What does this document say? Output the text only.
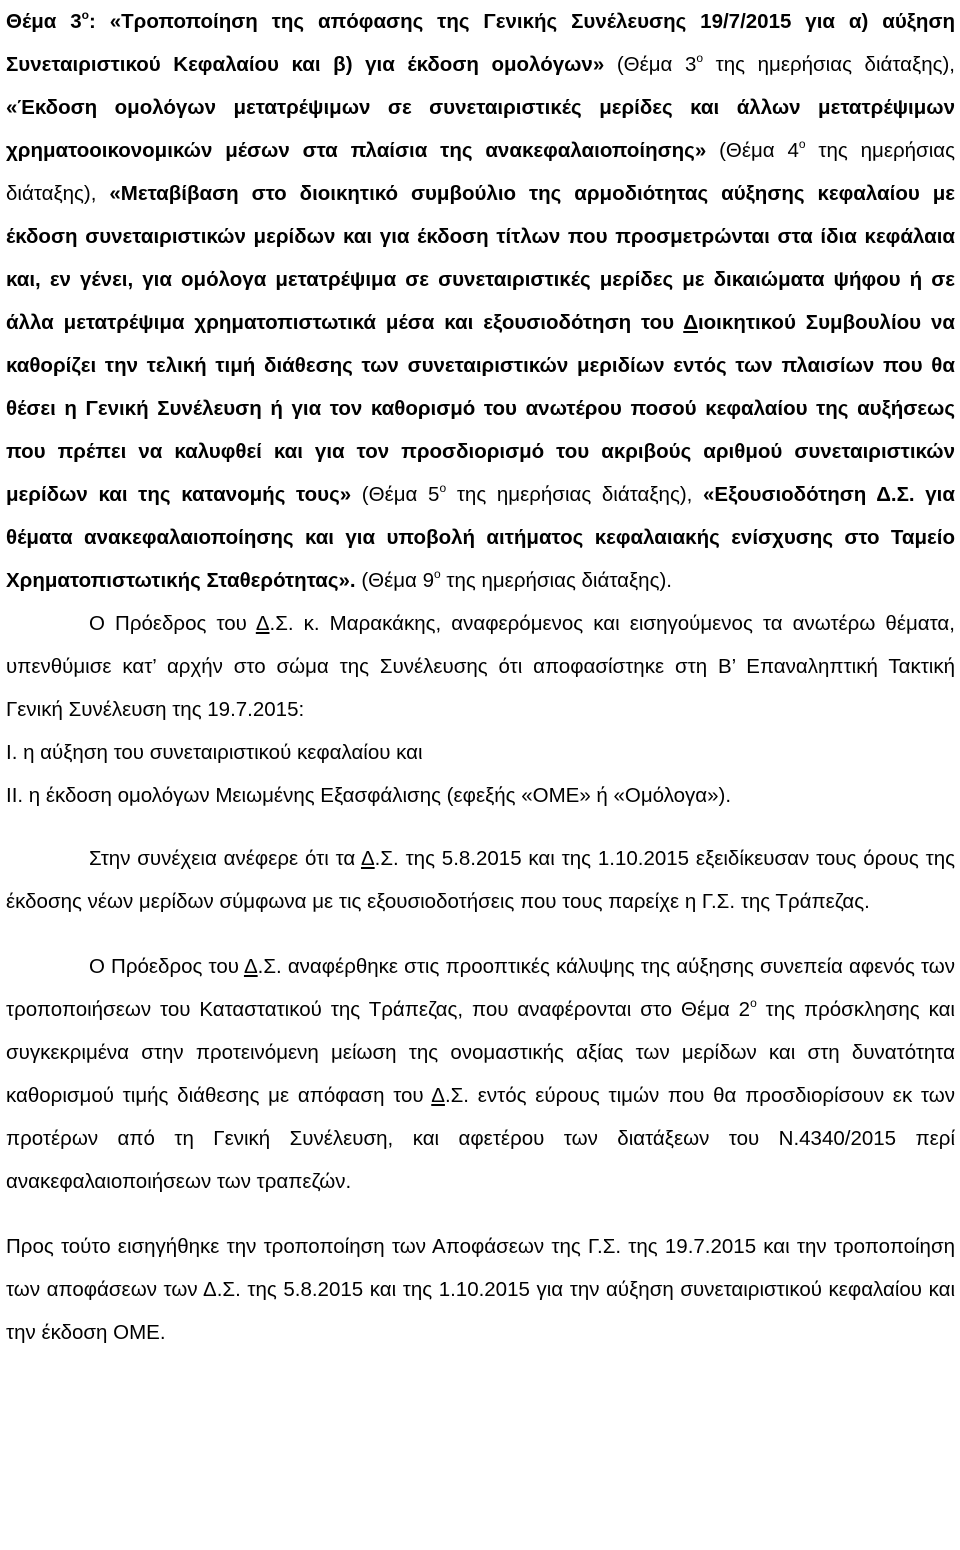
Θέμα $3^o$: «Τροποποίηση της απόφασης της Γενικής Συνέλευσης 19/7/2015 για α) αύξηση Συνεταιριστικού Κεφαλαίου και β) για έκδοση ομολόγων» (Θέμα $3^o$ της ημερήσιας διάταξης), «Έκδοση ομολόγων μετατρέψιμων σε συνεταιριστικές μερίδες και άλλων μετατρέψιμων χρηματοοικονομικών μέσων στα πλαίσια της ανακεφαλαιοποίησης» (Θέμα $4^o$ της ημερήσιας διάταξης), «Μεταβίβαση στο διοικητικό συμβούλιο της αρμοδιότητας αύξησης κεφαλαίου με έκδοση συνεταιριστικών μερίδων και για έκδοση τίτλων που προσμετρώνται στα ίδια κεφάλαια και, εν γένει, για ομόλογα μετατρέψιμα σε συνεταιριστικές μερίδες με δικαιώματα ψήφου ή σε άλλα μετατρέψιμα χρηματοπιστωτικά μέσα και εξουσιοδότηση του Διοικητικού Συμβουλίου να καθορίζει την τελική τιμή διάθεσης των συνεταιριστικών μεριδίων εντός των πλαισίων που θα θέσει η Γενική Συνέλευση ή για τον καθορισμό του ανωτέρου ποσού κεφαλαίου της αυξήσεως που πρέπει να καλυφθεί και για τον προσδιορισμό του ακριβούς αριθμού συνεταιριστικών μερίδων και της κατανομής τους» (Θέμα $5^o$ της ημερήσιας διάταξης), «Εξουσιοδότηση Δ.Σ. για θέματα ανακεφαλαιοποίησης και για υποβολή αιτήματος κεφαλαιακής ενίσχυσης στο Ταμείο Χρηματοπιστωτικής Σταθερότητας». (Θέμα $9^o$ της ημερήσιας διάταξης).

Ο Πρόεδρος του Δ.Σ. κ. Μαρακάκης, αναφερόμενος και εισηγούμενος τα ανωτέρω θέματα, υπενθύμισε κατ’ αρχήν στο σώμα της Συνέλευσης ότι αποφασίστηκε στη Β’ Επαναληπτική Τακτική Γενική Συνέλευση της 19.7.2015:

Ι. η αύξηση του συνεταιριστικού κεφαλαίου και

ΙΙ. η έκδοση ομολόγων Μειωμένης Εξασφάλισης (εφεξής «ΟΜΕ» ή «Ομόλογα»).

Στην συνέχεια ανέφερε ότι τα Δ.Σ. της 5.8.2015 και της 1.10.2015 εξειδίκευσαν τους όρους της έκδοσης νέων μερίδων σύμφωνα με τις εξουσιοδοτήσεις που τους παρείχε η Γ.Σ. της Τράπεζας.

Ο Πρόεδρος του Δ.Σ. αναφέρθηκε στις προοπτικές κάλυψης της αύξησης συνεπεία αφενός των τροποποιήσεων του Καταστατικού της Τράπεζας, που αναφέρονται στο Θέμα $2^o$ της πρόσκλησης και συγκεκριμένα στην προτεινόμενη μείωση της ονομαστικής αξίας των μερίδων και στη δυνατότητα καθορισμού τιμής διάθεσης με απόφαση του Δ.Σ. εντός εύρους τιμών που θα προσδιορίσουν εκ των προτέρων από τη Γενική Συνέλευση, και αφετέρου των διατάξεων του Ν.4340/2015 περί ανακεφαλαιοποιήσεων των τραπεζών.

Προς τούτο εισηγήθηκε την τροποποίηση των Αποφάσεων της Γ.Σ. της 19.7.2015 και την τροποποίηση των αποφάσεων των Δ.Σ. της 5.8.2015 και της 1.10.2015 για την αύξηση συνεταιριστικού κεφαλαίου και την έκδοση ΟΜΕ.
